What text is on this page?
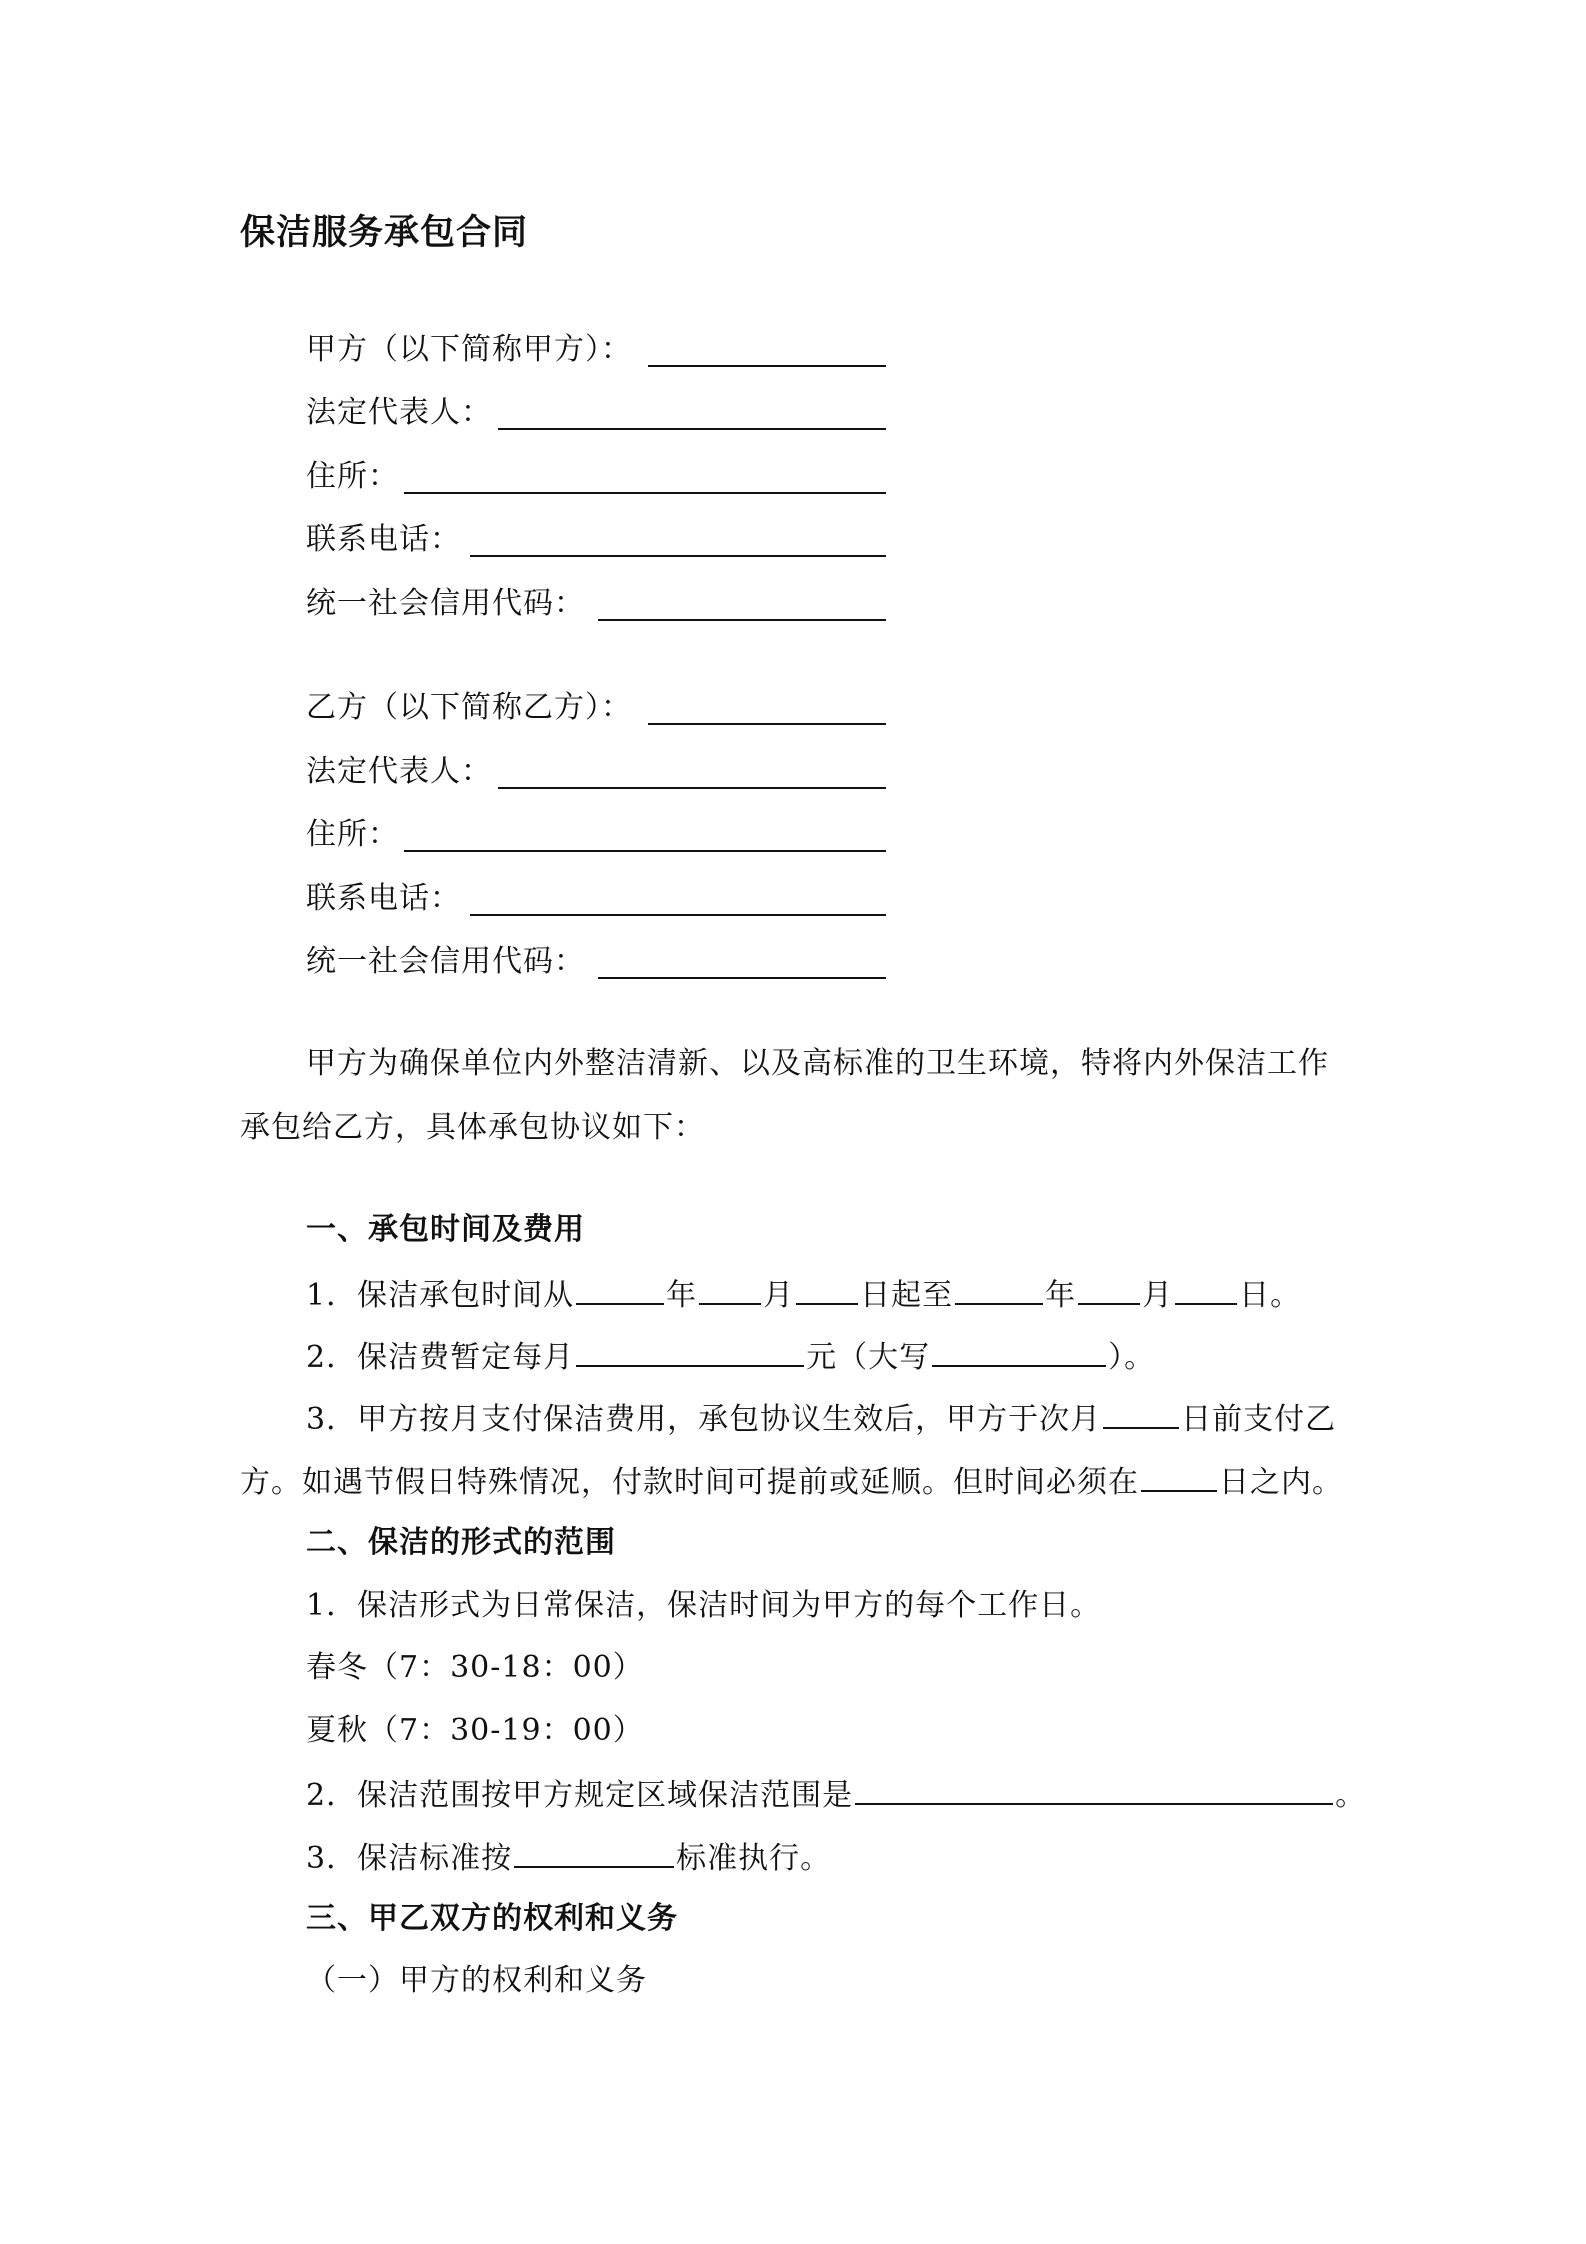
保洁服务承包合同
甲方（以下简称甲方）：
法定代表人：
住所：
联系电话：
统一社会信用代码：
乙方（以下简称乙方）：
法定代表人：
住所：
联系电话：
统一社会信用代码：
甲方为确保单位内外整洁清新、以及高标准的卫生环境，特将内外保洁工作
承包给乙方，具体承包协议如下：
一、承包时间及费用
1．保洁承包时间从	年 月 日起至	年 月 日。
2．保洁费暂定每月	元（大写	）。
3．甲方按月支付保洁费用，承包协议生效后，甲方于次月	日前支付乙
方。如遇节假日特殊情况，付款时间可提前或延顺。但时间必须在	日之内。
二、保洁的形式的范围
1．保洁形式为日常保洁，保洁时间为甲方的每个工作日。
春冬（7：30-18：00）
夏秋（7：30-19：00）
2．保洁范围按甲方规定区域保洁范围是	。
3．保洁标准按	标准执行。
三、甲乙双方的权利和义务
（一）甲方的权利和义务
